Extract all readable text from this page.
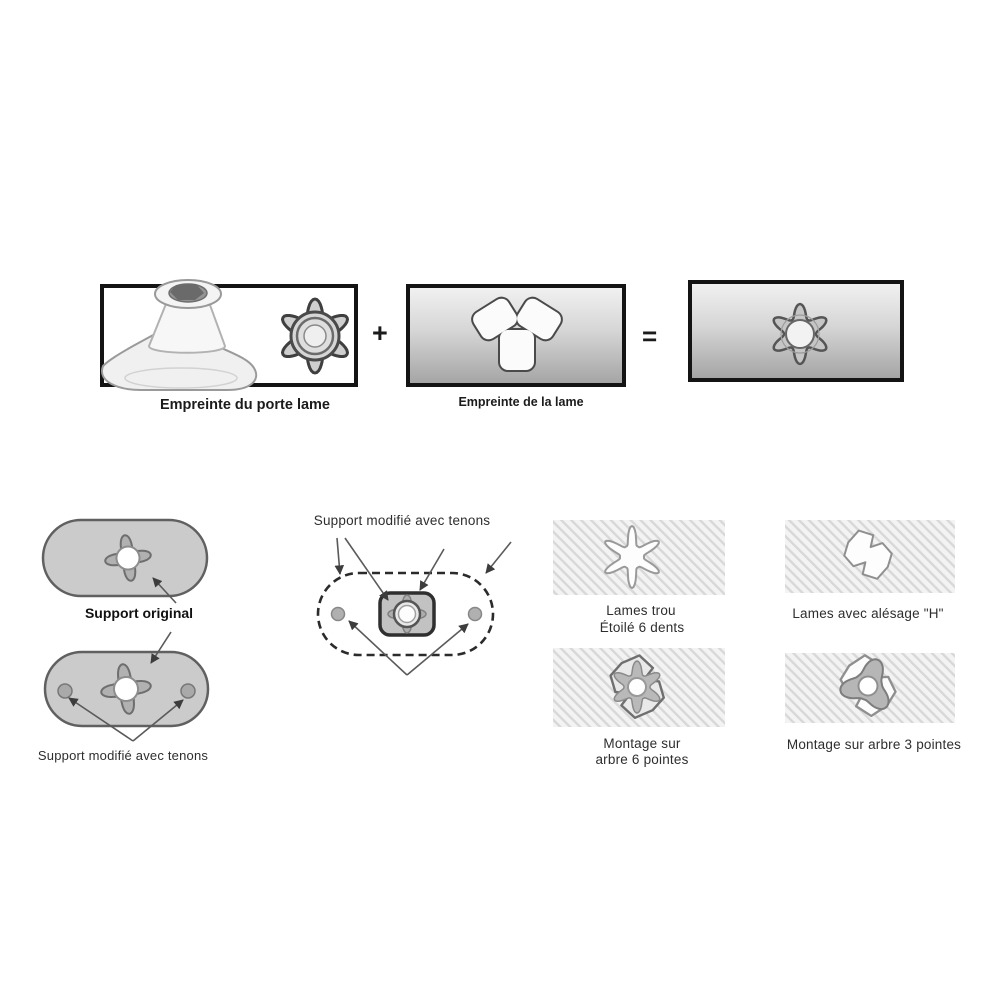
Empreinte du porte lame
+
Empreinte de la lame
=
Support original
Support modifié avec tenons
Support modifié avec tenons
Lames trou
Étoilé 6 dents
Lames avec alésage "H"
Montage sur
arbre 6 pointes
Montage sur arbre 3 pointes
